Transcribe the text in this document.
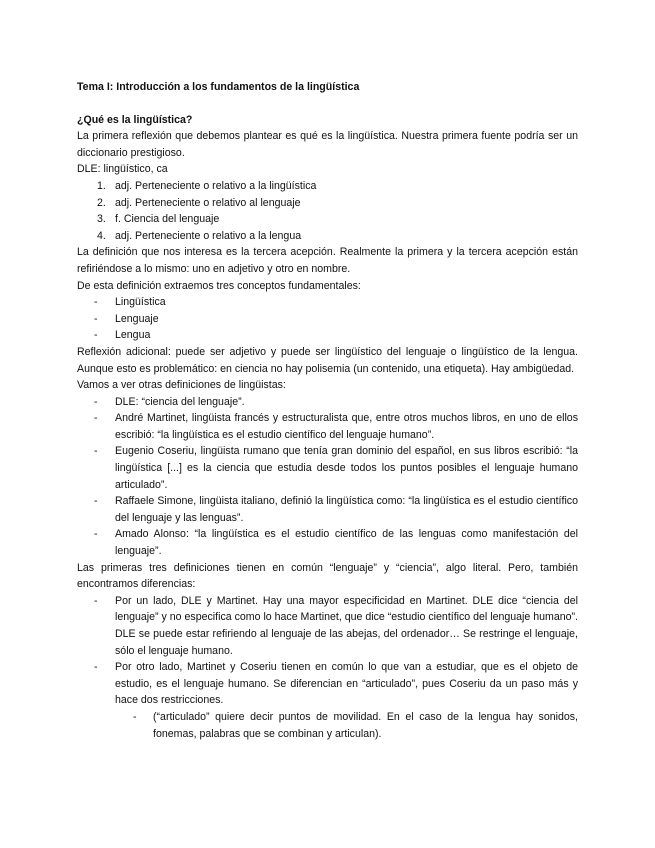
Tema I: Introducción a los fundamentos de la lingüística

¿Qué es la lingüística?

La primera reflexión que debemos plantear es qué es la lingüística. Nuestra primera fuente podría ser un diccionario prestigioso.

DLE: lingüístico, ca

1. adj. Perteneciente o relativo a la lingüística
2. adj. Perteneciente o relativo al lenguaje
3. f. Ciencia del lenguaje
4. adj. Perteneciente o relativo a la lengua

La definición que nos interesa es la tercera acepción. Realmente la primera y la tercera acepción están refiriéndose a lo mismo: uno en adjetivo y otro en nombre.

De esta definición extraemos tres conceptos fundamentales:

- Lingüística
- Lenguaje
- Lengua

Reflexión adicional: puede ser adjetivo y puede ser lingüístico del lenguaje o lingüístico de la lengua. Aunque esto es problemático: en ciencia no hay polisemia (un contenido, una etiqueta). Hay ambigüedad.

Vamos a ver otras definiciones de lingüistas:

- DLE: “ciencia del lenguaje”.
- André Martinet, lingüista francés y estructuralista que, entre otros muchos libros, en uno de ellos escribió: “la lingüística es el estudio científico del lenguaje humano”.
- Eugenio Coseriu, lingüista rumano que tenía gran dominio del español, en sus libros escribió: “la lingüística [...] es la ciencia que estudia desde todos los puntos posibles el lenguaje humano articulado”.
- Raffaele Simone, lingüista italiano, definió la lingüística como: “la lingüística es el estudio científico del lenguaje y las lenguas”.
- Amado Alonso: “la lingüística es el estudio científico de las lenguas como manifestación del lenguaje”.

Las primeras tres definiciones tienen en común “lenguaje” y “ciencia”, algo literal. Pero, también encontramos diferencias:

- Por un lado, DLE y Martinet. Hay una mayor especificidad en Martinet. DLE dice “ciencia del lenguaje” y no especifica como lo hace Martinet, que dice “estudio científico del lenguaje humano”. DLE se puede estar refiriendo al lenguaje de las abejas, del ordenador… Se restringe el lenguaje, sólo el lenguaje humano.
- Por otro lado, Martinet y Coseriu tienen en común lo que van a estudiar, que es el objeto de estudio, es el lenguaje humano. Se diferencian en “articulado”, pues Coseriu da un paso más y hace dos restricciones.
- (“articulado” quiere decir puntos de movilidad. En el caso de la lengua hay sonidos, fonemas, palabras que se combinan y articulan).
